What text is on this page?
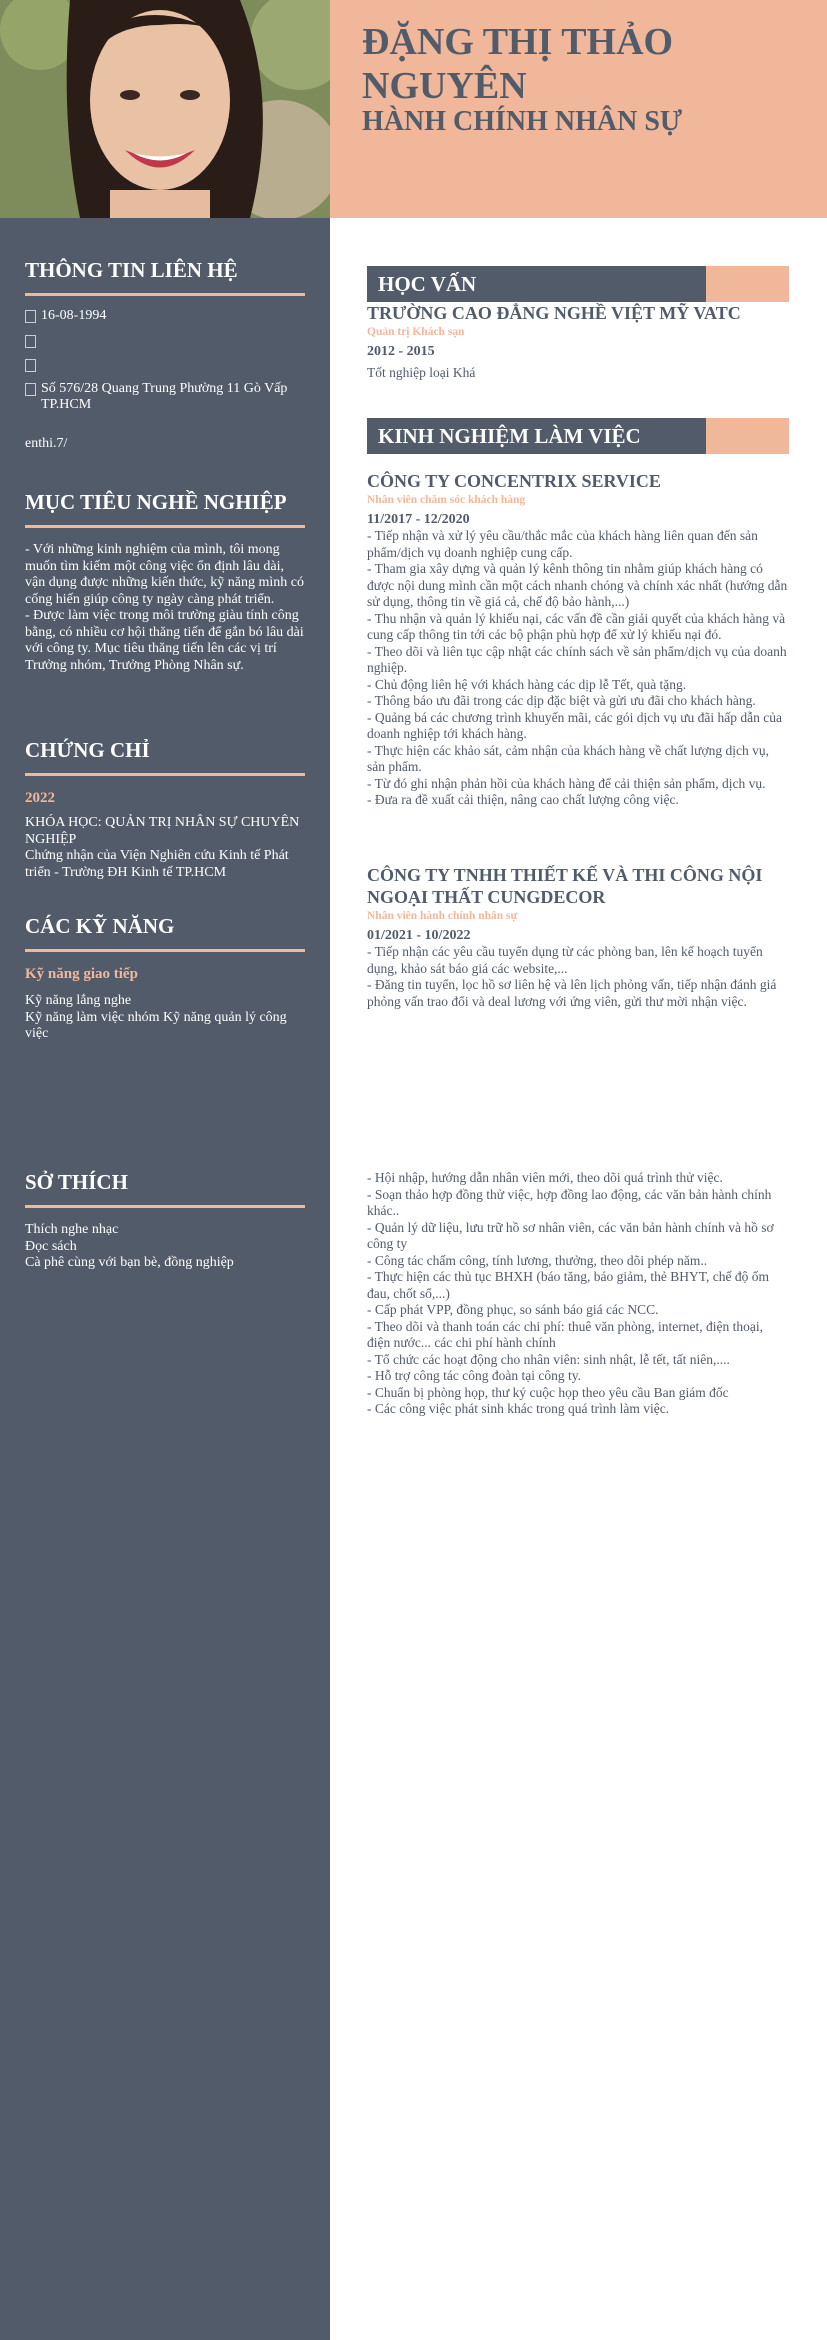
ĐẶNG THỊ THẢO NGUYÊN
HÀNH CHÍNH NHÂN SỰ
THÔNG TIN LIÊN HỆ
16-08-1994
Số 576/28 Quang Trung Phường 11 Gò Vấp TP.HCM
enthi.7/
MỤC TIÊU NGHỀ NGHIỆP

- Với những kinh nghiệm của mình, tôi mong muốn tìm kiếm một công việc ổn định lâu dài, vận dụng được những kiến thức, kỹ năng mình có cống hiến giúp công ty ngày càng phát triển.
- Được làm việc trong môi trường giàu tính công bằng, có nhiều cơ hội thăng tiến để gắn bó lâu dài với công ty. Mục tiêu thăng tiến lên các vị trí Trưởng nhóm, Trưởng Phòng Nhân sự.

CHỨNG CHỈ
2022

KHÓA HỌC: QUẢN TRỊ NHÂN SỰ CHUYÊN NGHIỆP

Chứng nhận của Viện Nghiên cứu Kinh tế Phát triển - Trường ĐH Kinh tế TP.HCM

CÁC KỸ NĂNG
Kỹ năng giao tiếp

Kỹ năng lắng nghe
Kỹ năng làm việc nhóm Kỹ năng quản lý công việc

SỞ THÍCH

Thích nghe nhạc
Đọc sách
Cà phê cùng với bạn bè, đồng nghiệp

HỌC VẤN

TRƯỜNG CAO ĐẲNG NGHỀ VIỆT MỸ VATC

Quản trị Khách sạn

2012 - 2015

Tốt nghiệp loại Khá

KINH NGHIỆM LÀM VIỆC

CÔNG TY CONCENTRIX SERVICE

Nhân viên chăm sóc khách hàng

11/2017 - 12/2020

- Tiếp nhận và xử lý yêu cầu/thắc mắc của khách hàng liên quan đến sản phẩm/dịch vụ doanh nghiệp cung cấp.
- Tham gia xây dựng và quản lý kênh thông tin nhằm giúp khách hàng có được nội dung mình cần một cách nhanh chóng và chính xác nhất (hướng dẫn sử dụng, thông tin về giá cả, chế độ bảo hành,...)
- Thu nhận và quản lý khiếu nại, các vấn đề cần giải quyết của khách hàng và cung cấp thông tin tới các bộ phận phù hợp để xử lý khiếu nại đó.
- Theo dõi và liên tục cập nhật các chính sách về sản phẩm/dịch vụ của doanh nghiệp.
- Chủ động liên hệ với khách hàng các dịp lễ Tết, quà tặng.
- Thông báo ưu đãi trong các dịp đặc biệt và gửi ưu đãi cho khách hàng.
- Quảng bá các chương trình khuyến mãi, các gói dịch vụ ưu đãi hấp dẫn của doanh nghiệp tới khách hàng.
- Thực hiện các khảo sát, cảm nhận của khách hàng về chất lượng dịch vụ, sản phẩm.
- Từ đó ghi nhận phản hồi của khách hàng để cải thiện sản phẩm, dịch vụ.
- Đưa ra đề xuất cải thiện, nâng cao chất lượng công việc.

CÔNG TY TNHH THIẾT KẾ VÀ THI CÔNG NỘI NGOẠI THẤT CUNGDECOR

Nhân viên hành chính nhân sự

01/2021 - 10/2022

- Tiếp nhận các yêu cầu tuyển dụng từ các phòng ban, lên kế hoạch tuyển dụng, khảo sát báo giá các website,...
- Đăng tin tuyển, lọc hồ sơ liên hệ và lên lịch phỏng vấn, tiếp nhận đánh giá phỏng vấn trao đổi và deal lương với ứng viên, gửi thư mời nhận việc.

- Hội nhập, hướng dẫn nhân viên mới, theo dõi quá trình thử việc.
- Soạn thảo hợp đồng thử việc, hợp đồng lao động, các văn bản hành chính khác..
- Quản lý dữ liệu, lưu trữ hồ sơ nhân viên, các văn bản hành chính và hồ sơ công ty
- Công tác chấm công, tính lương, thưởng, theo dõi phép năm..
- Thực hiện các thủ tục BHXH (báo tăng, báo giảm, thẻ BHYT, chế độ ốm đau, chốt sổ,...)
- Cấp phát VPP, đồng phục, so sánh báo giá các NCC.
- Theo dõi và thanh toán các chi phí: thuê văn phòng, internet, điện thoại, điện nước... các chi phí hành chính
- Tổ chức các hoạt động cho nhân viên: sinh nhật, lễ tết, tất niên,....
- Hỗ trợ công tác công đoàn tại công ty.
- Chuẩn bị phòng họp, thư ký cuộc họp theo yêu cầu Ban giám đốc
- Các công việc phát sinh khác trong quá trình làm việc.
